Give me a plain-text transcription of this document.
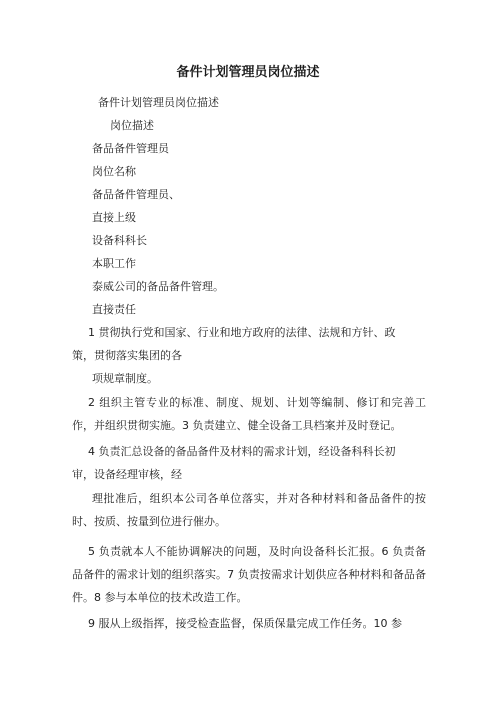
备件计划管理员岗位描述
备件计划管理员岗位描述
岗位描述
备品备件管理员
岗位名称
备品备件管理员、
直接上级
设备科科长
本职工作
泰威公司的备品备件管理。
直接责任
1 贯彻执行党和国家、行业和地方政府的法律、法规和方针、政
策，贯彻落实集团的各
项规章制度。
2 组织主管专业的标准、制度、规划、计划等编制、修订和完善工作，并组织贯彻实施。3 负责建立、健全设备工具档案并及时登记。
4 负责汇总设备的备品备件及材料的需求计划，经设备科科长初
审，设备经理审核，经
理批准后，组织本公司各单位落实，并对各种材料和备品备件的按时、按质、按量到位进行催办。
5 负责就本人不能协调解决的问题，及时向设备科长汇报。6 负责备品备件的需求计划的组织落实。7 负责按需求计划供应各种材料和备品备件。8 参与本单位的技术改造工作。
9 服从上级指挥，接受检查监督，保质保量完成工作任务。10 参
